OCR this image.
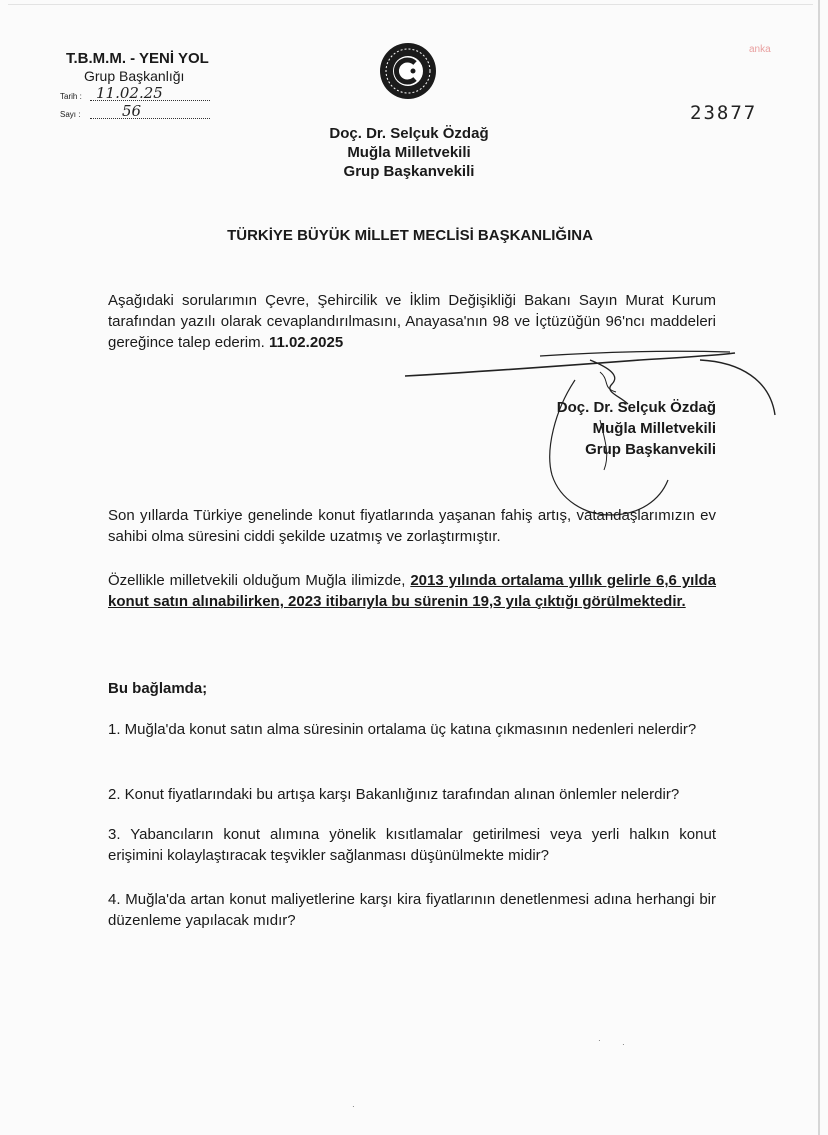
T.B.M.M. - YENİ YOL
Grup Başkanlığı
Tarih :
Sayı :
11.02.25
56
anka
23877
Doç. Dr. Selçuk Özdağ
Muğla Milletvekili
Grup Başkanvekili
TÜRKİYE BÜYÜK MİLLET MECLİSİ BAŞKANLIĞINA
Aşağıdaki sorularımın Çevre, Şehircilik ve İklim Değişikliği Bakanı Sayın Murat Kurum tarafından yazılı olarak cevaplandırılmasını, Anayasa'nın 98 ve İçtüzüğün 96'ncı maddeleri gereğince talep ederim. 11.02.2025
Doç. Dr. Selçuk Özdağ
Muğla Milletvekili
Grup Başkanvekili
Son yıllarda Türkiye genelinde konut fiyatlarında yaşanan fahiş artış, vatandaşlarımızın ev sahibi olma süresini ciddi şekilde uzatmış ve zorlaştırmıştır.
Özellikle milletvekili olduğum Muğla ilimizde, 2013 yılında ortalama yıllık gelirle 6,6 yılda konut satın alınabilirken, 2023 itibarıyla bu sürenin 19,3 yıla çıktığı görülmektedir.
Bu bağlamda;
1. Muğla'da konut satın alma süresinin ortalama üç katına çıkmasının nedenleri nelerdir?
2. Konut fiyatlarındaki bu artışa karşı Bakanlığınız tarafından alınan önlemler nelerdir?
3. Yabancıların konut alımına yönelik kısıtlamalar getirilmesi veya yerli halkın konut erişimini kolaylaştıracak teşvikler sağlanması düşünülmekte midir?
4. Muğla'da artan konut maliyetlerine karşı kira fiyatlarının denetlenmesi adına herhangi bir düzenleme yapılacak mıdır?
·	·
·
